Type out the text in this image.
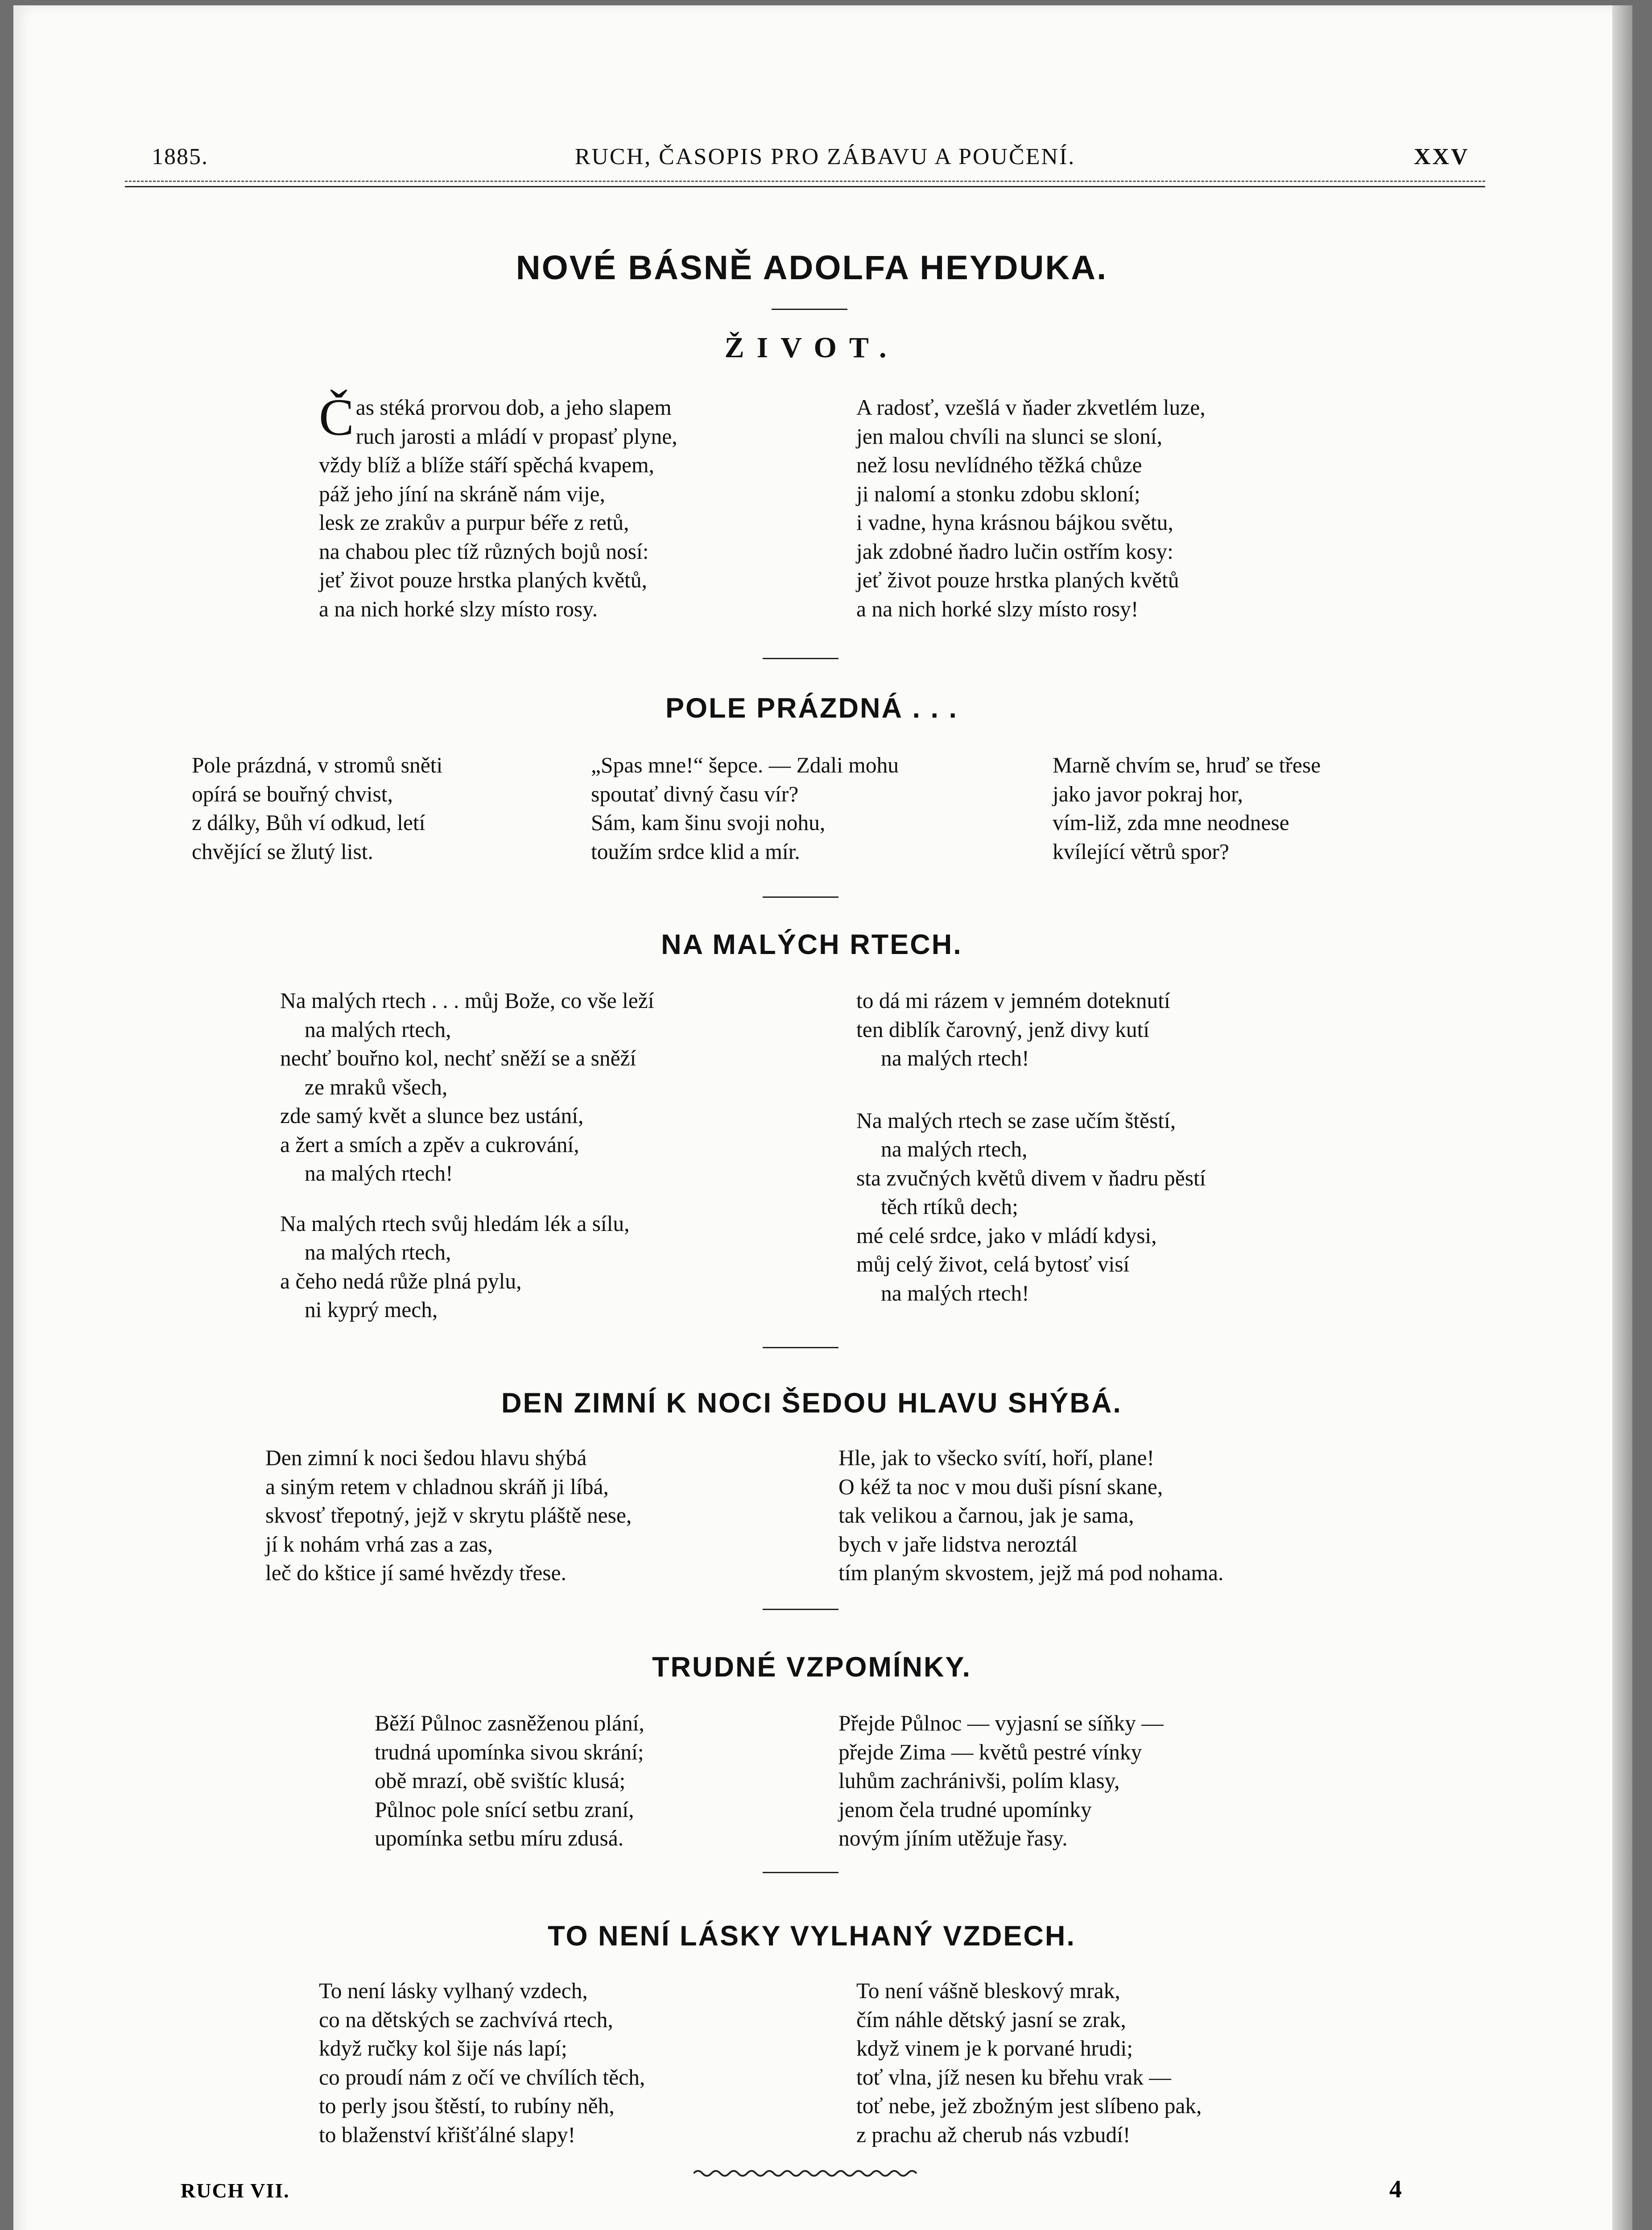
1885.	RUCH, ČASOPIS PRO ZÁBAVU A POUČENÍ.	XXV
NOVÉ BÁSNĚ ADOLFA HEYDUKA.
ŽIVOT.
Čas stéká prorvou dob, a jeho slapem
ruch jarosti a mládí v propasť plyne,
vždy blíž a blíže stáří spěchá kvapem,
páž jeho jíní na skráně nám vije,
lesk ze zrakův a purpur béře z retů,
na chabou plec tíž různých bojů nosí:
jeť život pouze hrstka planých květů,
a na nich horké slzy místo rosy.
A radosť, vzešlá v ňader zkvetlém luze,
jen malou chvíli na slunci se sloní,
než losu nevlídného těžká chůze
ji nalomí a stonku zdobu skloní;
i vadne, hyna krásnou bájkou světu,
jak zdobné ňadro lučin ostřím kosy:
jeť život pouze hrstka planých květů
a na nich horké slzy místo rosy!
POLE PRÁZDNÁ . . .
Pole prázdná, v stromů sněti
opírá se bouřný chvist,
z dálky, Bůh ví odkud, letí
chvějící se žlutý list.
„Spas mne!“ šepce. — Zdali mohu
spoutať divný času vír?
Sám, kam šinu svoji nohu,
toužím srdce klid a mír.
Marně chvím se, hruď se třese
jako javor pokraj hor,
vím-liž, zda mne neodnese
kvílející větrů spor?
NA MALÝCH RTECH.
Na malých rtech . . . můj Bože, co vše leží
na malých rtech,
nechť bouřno kol, nechť sněží se a sněží
ze mraků všech,
zde samý květ a slunce bez ustání,
a žert a smích a zpěv a cukrování,
na malých rtech!
Na malých rtech svůj hledám lék a sílu,
na malých rtech,
a čeho nedá růže plná pylu,
ni kyprý mech,
to dá mi rázem v jemném doteknutí
ten diblík čarovný, jenž divy kutí
na malých rtech!
Na malých rtech se zase učím štěstí,
na malých rtech,
sta zvučných květů divem v ňadru pěstí
těch rtíků dech;
mé celé srdce, jako v mládí kdysi,
můj celý život, celá bytosť visí
na malých rtech!
DEN ZIMNÍ K NOCI ŠEDOU HLAVU SHÝBÁ.
Den zimní k noci šedou hlavu shýbá
a siným retem v chladnou skráň ji líbá,
skvosť třepotný, jejž v skrytu pláště nese,
jí k nohám vrhá zas a zas,
leč do kštice jí samé hvězdy třese.
Hle, jak to všecko svítí, hoří, plane!
O kéž ta noc v mou duši písní skane,
tak velikou a čarnou, jak je sama,
bych v jaře lidstva neroztál
tím planým skvostem, jejž má pod nohama.
TRUDNÉ VZPOMÍNKY.
Běží Půlnoc zasněženou plání,
trudná upomínka sivou skrání;
obě mrazí, obě svištíc klusá;
Půlnoc pole snící setbu zraní,
upomínka setbu míru zdusá.
Přejde Půlnoc — vyjasní se síňky —
přejde Zima — květů pestré vínky
luhům zachránivši, polím klasy,
jenom čela trudné upomínky
novým jíním utěžuje řasy.
TO NENÍ LÁSKY VYLHANÝ VZDECH.
To není lásky vylhaný vzdech,
co na dětských se zachvívá rtech,
když ručky kol šije nás lapí;
co proudí nám z očí ve chvílích těch,
to perly jsou štěstí, to rubíny něh,
to blaženství křišťálné slapy!
To není vášně bleskový mrak,
čím náhle dětský jasní se zrak,
když vinem je k porvané hrudi;
toť vlna, jíž nesen ku břehu vrak —
toť nebe, jež zbožným jest slíbeno pak,
z prachu až cherub nás vzbudí!
RUCH VII.	4
